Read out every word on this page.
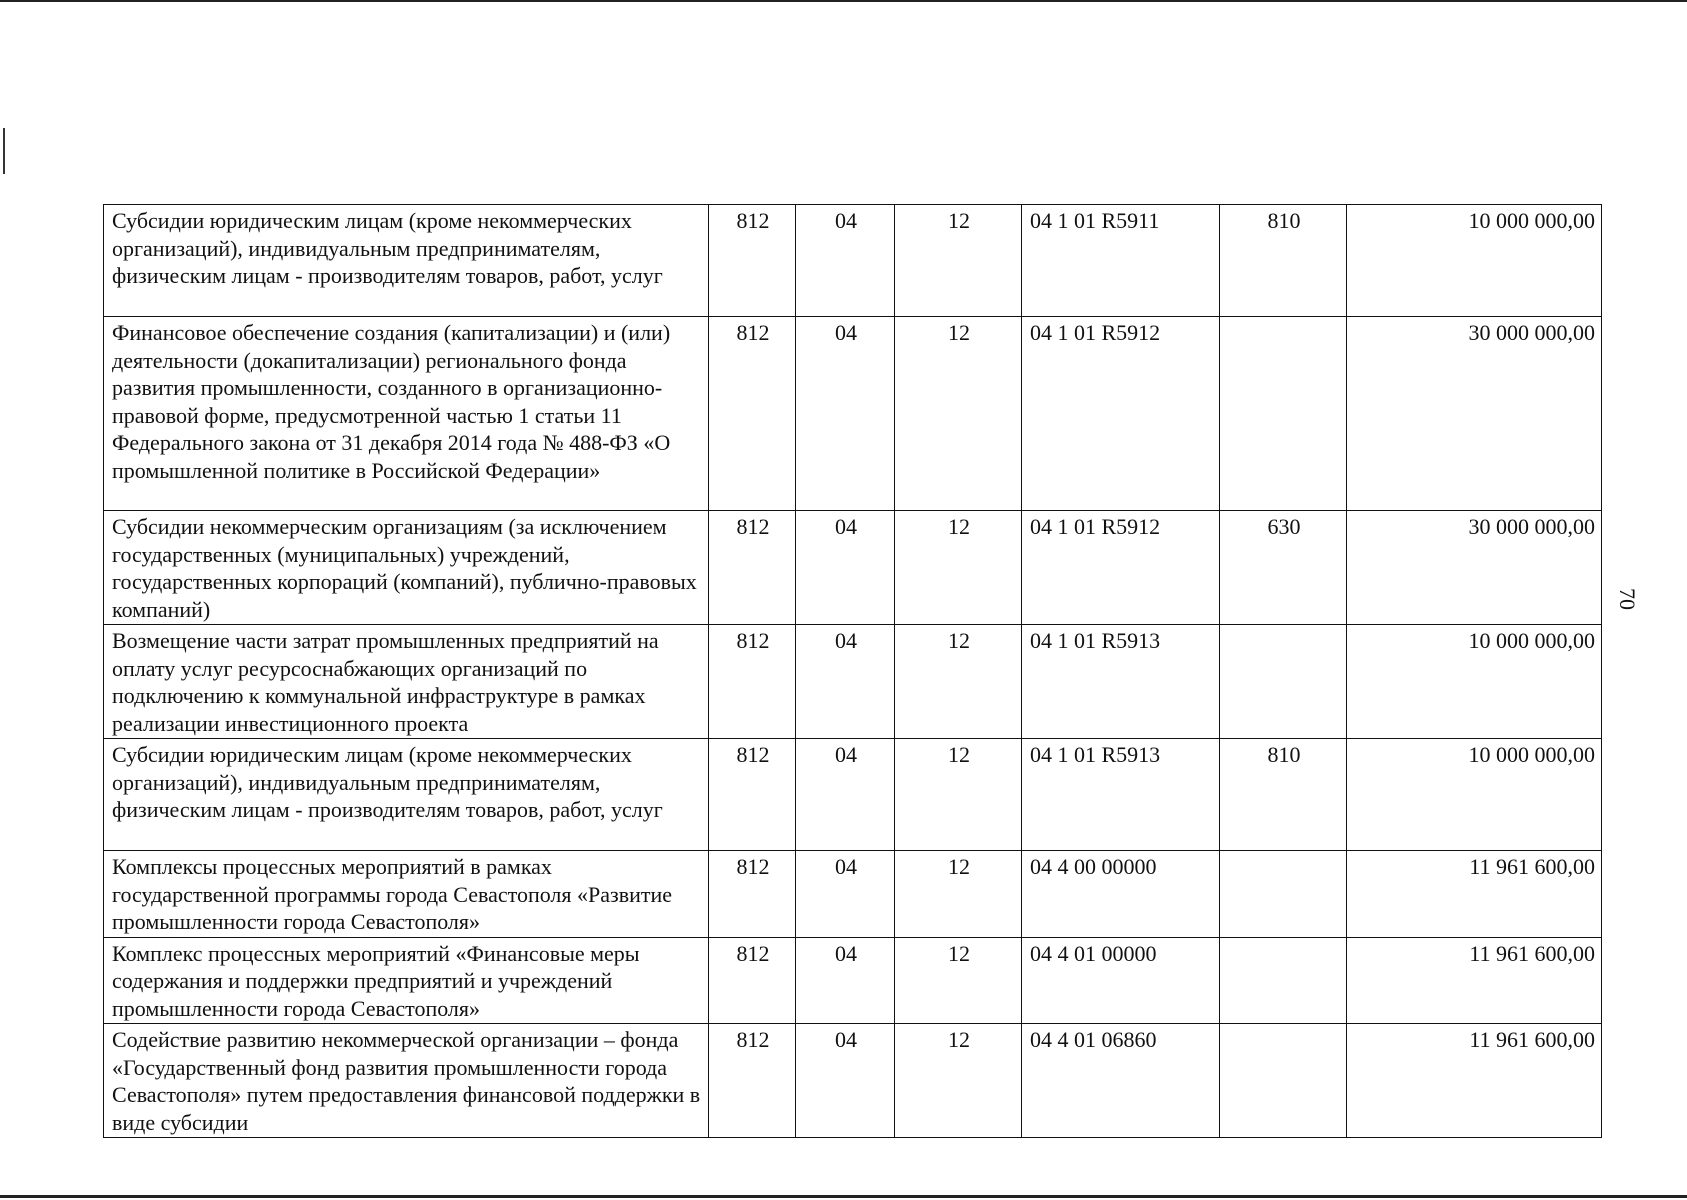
70
Субсидии юридическим лицам (кроме некоммерческих организаций), индивидуальным предпринимателям, физическим лицам - производителям товаров, работ, услуг	812	04	12	04 1 01 R5911	810	10 000 000,00
Финансовое обеспечение создания (капитализации) и (или) деятельности (докапитализации) регионального фонда развития промышленности, созданного в организационно-правовой форме, предусмотренной частью 1 статьи 11 Федерального закона от 31 декабря 2014 года № 488-ФЗ «О промышленной политике в Российской Федерации»	812	04	12	04 1 01 R5912		30 000 000,00
Субсидии некоммерческим организациям (за исключением государственных (муниципальных) учреждений, государственных корпораций (компаний), публично-правовых компаний)	812	04	12	04 1 01 R5912	630	30 000 000,00
Возмещение части затрат промышленных предприятий на оплату услуг ресурсоснабжающих организаций по подключению к коммунальной инфраструктуре в рамках реализации инвестиционного проекта	812	04	12	04 1 01 R5913		10 000 000,00
Субсидии юридическим лицам (кроме некоммерческих организаций), индивидуальным предпринимателям, физическим лицам - производителям товаров, работ, услуг	812	04	12	04 1 01 R5913	810	10 000 000,00
Комплексы процессных мероприятий в рамках государственной программы города Севастополя «Развитие промышленности города Севастополя»	812	04	12	04 4 00 00000		11 961 600,00
Комплекс процессных мероприятий «Финансовые меры содержания и поддержки предприятий и учреждений промышленности города Севастополя»	812	04	12	04 4 01 00000		11 961 600,00
Содействие развитию некоммерческой организации – фонда «Государственный фонд развития промышленности города Севастополя» путем предоставления финансовой поддержки в виде субсидии	812	04	12	04 4 01 06860		11 961 600,00
